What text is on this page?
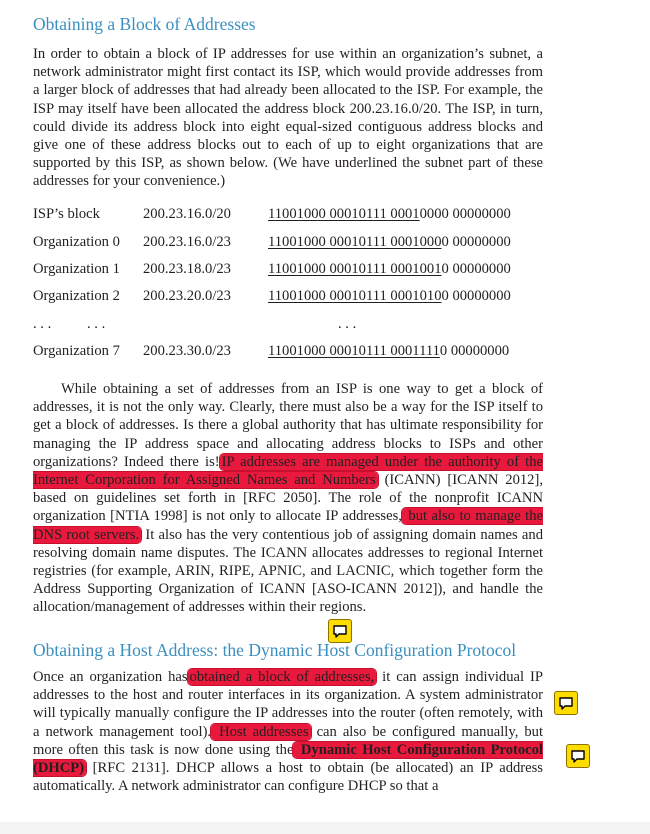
Obtaining a Block of Addresses

In order to obtain a block of IP addresses for use within an organization’s subnet, a network administrator might first contact its ISP, which would provide addresses from a larger block of addresses that had already been allocated to the ISP. For example, the ISP may itself have been allocated the address block 200.23.16.0/20. The ISP, in turn, could divide its address block into eight equal-sized contiguous address blocks and give one of these address blocks out to each of up to eight organizations that are supported by this ISP, as shown below. (We have underlined the subnet part of these addresses for your convenience.)

ISP’s block	200.23.16.0/20	11001000 00010111 00010000 00000000
Organization 0 200.23.16.0/23	11001000 00010111 00010000 00000000
Organization 1 200.23.18.0/23	11001000 00010111 00010010 00000000
Organization 2 200.23.20.0/23	11001000 00010111 00010100 00000000
. . . . . .	. . .
Organization 7 200.23.30.0/23	11001000 00010111 00011110 00000000

While obtaining a set of addresses from an ISP is one way to get a block of addresses, it is not the only way. Clearly, there must also be a way for the ISP itself to get a block of addresses. Is there a global authority that has ultimate responsibility for managing the IP address space and allocating address blocks to ISPs and other organizations? Indeed there is! IP addresses are managed under the authority of the Internet Corporation for Assigned Names and Numbers (ICANN) [ICANN 2012], based on guidelines set forth in [RFC 2050]. The role of the nonprofit ICANN organization [NTIA 1998] is not only to allocate IP addresses, but also to manage the DNS root servers. It also has the very contentious job of assigning domain names and resolving domain name disputes. The ICANN allocates addresses to regional Internet registries (for example, ARIN, RIPE, APNIC, and LACNIC, which together form the Address Supporting Organization of ICANN [ASO-ICANN 2012]), and handle the allocation/management of addresses within their regions.

Obtaining a Host Address: the Dynamic Host Configuration Protocol

Once an organization has obtained a block of addresses, it can assign individual IP addresses to the host and router interfaces in its organization. A system administrator will typically manually configure the IP addresses into the router (often remotely, with a network management tool). Host addresses can also be configured manually, but more often this task is now done using the Dynamic Host Configuration Protocol (DHCP) [RFC 2131]. DHCP allows a host to obtain (be allocated) an IP address automatically. A network administrator can configure DHCP so that a
